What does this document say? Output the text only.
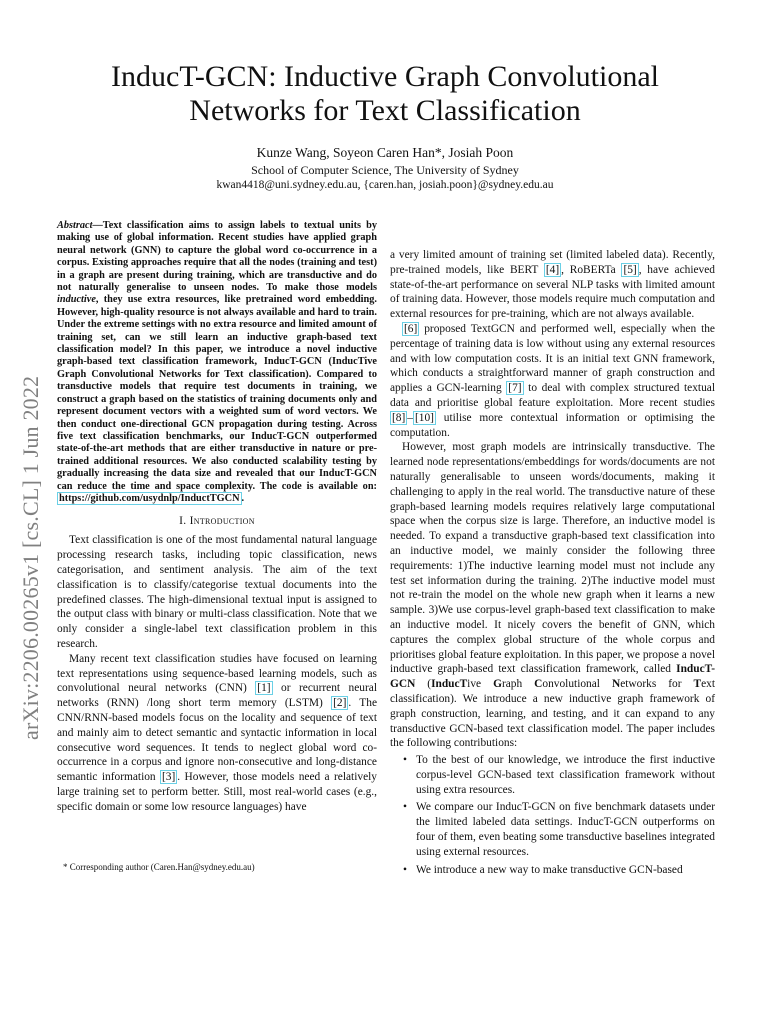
arXiv:2206.00265v1 [cs.CL] 1 Jun 2022
InducT-GCN: Inductive Graph Convolutional Networks for Text Classification
Kunze Wang, Soyeon Caren Han*, Josiah Poon
School of Computer Science, The University of Sydney
kwan4418@uni.sydney.edu.au, {caren.han, josiah.poon}@sydney.edu.au

Abstract—Text classification aims to assign labels to textual units by making use of global information. Recent studies have applied graph neural network (GNN) to capture the global word co-occurrence in a corpus. Existing approaches require that all the nodes (training and test) in a graph are present during training, which are transductive and do not naturally generalise to unseen nodes. To make those models inductive, they use extra resources, like pretrained word embedding. However, high-quality resource is not always available and hard to train. Under the extreme settings with no extra resource and limited amount of training set, can we still learn an inductive graph-based text classification model? In this paper, we introduce a novel inductive graph-based text classification framework, InducT-GCN (InducTive Graph Convolutional Networks for Text classification). Compared to transductive models that require test documents in training, we construct a graph based on the statistics of training documents only and represent document vectors with a weighted sum of word vectors. We then conduct one-directional GCN propagation during testing. Across five text classification benchmarks, our InducT-GCN outperformed state-of-the-art methods that are either transductive in nature or pre-trained additional resources. We also conducted scalability testing by gradually increasing the data size and revealed that our InducT-GCN can reduce the time and space complexity. The code is available on: https://github.com/usydnlp/InductTGCN .

I. Introduction

Text classification is one of the most fundamental natural language processing research tasks, including topic classification, news categorisation, and sentiment analysis. The aim of the text classification is to classify/categorise textual documents into the predefined classes. The high-dimensional textual input is assigned to the output class with binary or multi-class classification. Note that we only consider a single-label text classification problem in this research.

Many recent text classification studies have focused on learning text representations using sequence-based learning models, such as convolutional neural networks (CNN) [1] or recurrent neural networks (RNN) /long short term memory (LSTM) [2] . The CNN/RNN-based models focus on the locality and sequence of text and mainly aim to detect semantic and syntactic information in local consecutive word sequences. It tends to neglect global word co-occurrence in a corpus and ignore non-consecutive and long-distance semantic information [3] . However, those models need a relatively large training set to perform better. Still, most real-world cases (e.g., specific domain or some low resource languages) have

* Corresponding author (Caren.Han@sydney.edu.au)

a very limited amount of training set (limited labeled data). Recently, pre-trained models, like BERT [4] , RoBERTa [5] , have achieved state-of-the-art performance on several NLP tasks with limited amount of training data. However, those models require much computation and external resources for pre-training, which are not always available.

[6] proposed TextGCN and performed well, especially when the percentage of training data is low without using any external resources and with low computation costs. It is an initial text GNN framework, which conducts a straightforward manner of graph construction and applies a GCN-learning [7] to deal with complex structured textual data and prioritise global feature exploitation. More recent studies [8] – [10] utilise more contextual information or optimising the computation.

However, most graph models are intrinsically transductive. The learned node representations/embeddings for words/documents are not naturally generalisable to unseen words/documents, making it challenging to apply in the real world. The transductive nature of these graph-based learning models requires relatively large computational space when the corpus size is large. Therefore, an inductive model is needed. To expand a transductive graph-based text classification into an inductive model, we mainly consider the following three requirements: 1)The inductive learning model must not include any test set information during the training. 2)The inductive model must not re-train the model on the whole new graph when it learns a new sample. 3)We use corpus-level graph-based text classification to make an inductive model. It nicely covers the benefit of GNN, which captures the complex global structure of the whole corpus and prioritises global feature exploitation. In this paper, we propose a novel inductive graph-based text classification framework, called InducT-GCN (InducTive Graph Convolutional Networks for Text classification). We introduce a new inductive graph framework of graph construction, learning, and testing, and it can expand to any transductive GCN-based text classification model. The paper includes the following contributions:

• To the best of our knowledge, we introduce the first inductive corpus-level GCN-based text classification framework without using extra resources.
• We compare our InducT-GCN on five benchmark datasets under the limited labeled data settings. InducT-GCN outperforms on four of them, even beating some transductive baselines integrated using external resources.
• We introduce a new way to make transductive GCN-based
